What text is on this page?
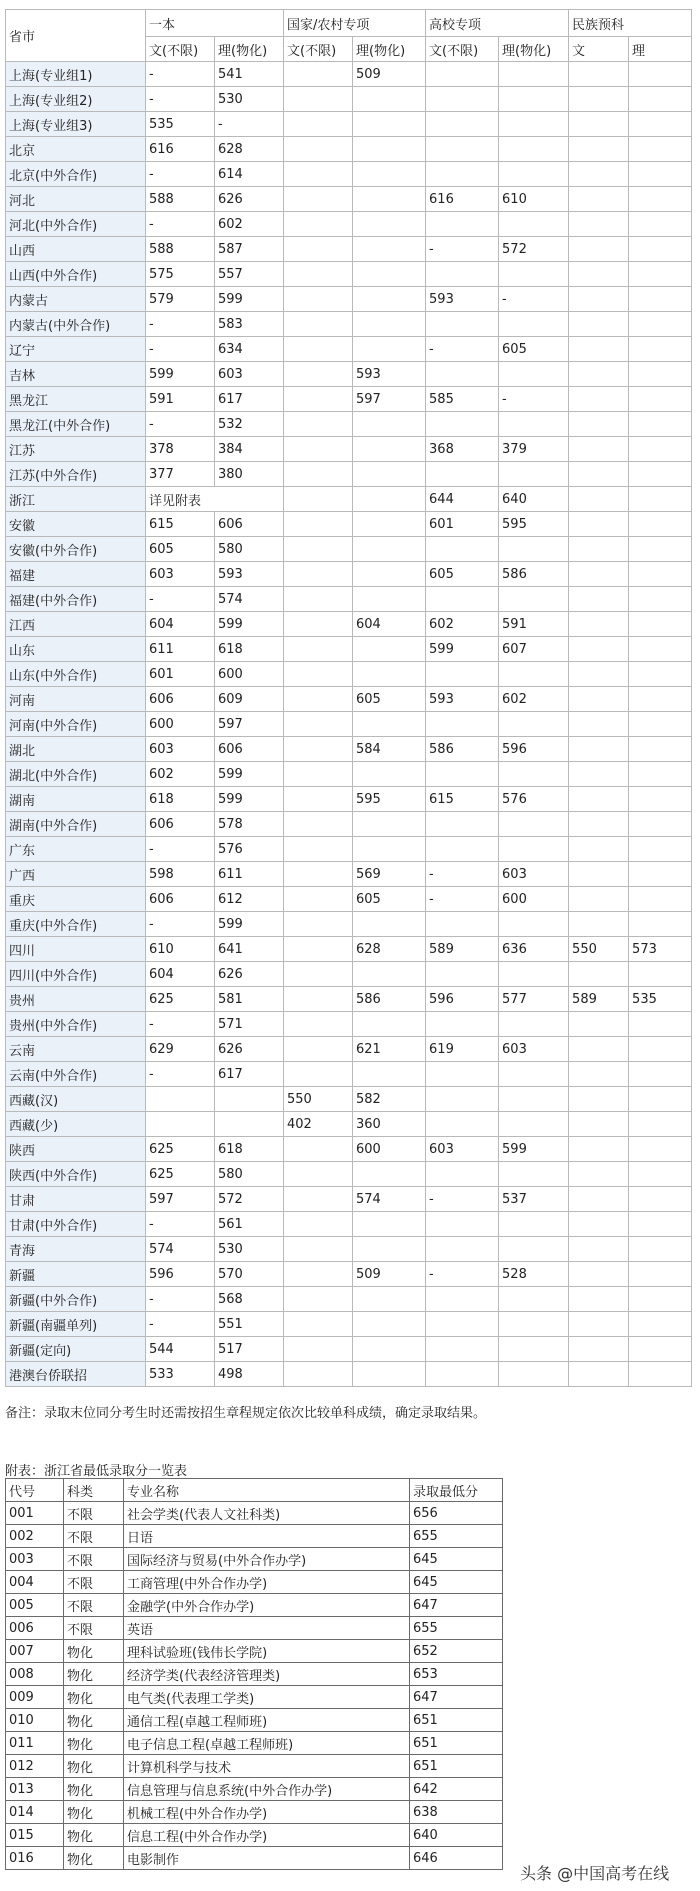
省市	一本		国家/农村专项		高校专项		民族预科	
	文(不限)	理(物化)	文(不限)	理(物化)	文(不限)	理(物化)	文	理
上海(专业组1)	-	541		509				
上海(专业组2)	-	530						
上海(专业组3)	535	-						
北京	616	628						
北京(中外合作)	-	614						
河北	588	626			616	610		
河北(中外合作)	-	602						
山西	588	587			-	572		
山西(中外合作)	575	557						
内蒙古	579	599			593	-		
内蒙古(中外合作)	-	583						
辽宁	-	634			-	605		
吉林	599	603		593				
黑龙江	591	617		597	585	-		
黑龙江(中外合作)	-	532						
江苏	378	384			368	379		
江苏(中外合作)	377	380						
浙江	详见附表				644	640		
安徽	615	606			601	595		
安徽(中外合作)	605	580						
福建	603	593			605	586		
福建(中外合作)	-	574						
江西	604	599		604	602	591		
山东	611	618			599	607		
山东(中外合作)	601	600						
河南	606	609		605	593	602		
河南(中外合作)	600	597						
湖北	603	606		584	586	596		
湖北(中外合作)	602	599						
湖南	618	599		595	615	576		
湖南(中外合作)	606	578						
广东	-	576						
广西	598	611		569	-	603		
重庆	606	612		605	-	600		
重庆(中外合作)	-	599						
四川	610	641		628	589	636	550	573
四川(中外合作)	604	626						
贵州	625	581		586	596	577	589	535
贵州(中外合作)	-	571						
云南	629	626		621	619	603		
云南(中外合作)	-	617						
西藏(汉)			550	582				
西藏(少)			402	360				
陕西	625	618		600	603	599		
陕西(中外合作)	625	580						
甘肃	597	572		574	-	537		
甘肃(中外合作)	-	561						
青海	574	530						
新疆	596	570		509	-	528		
新疆(中外合作)	-	568						
新疆(南疆单列)	-	551						
新疆(定向)	544	517						
港澳台侨联招	533	498						
备注：录取末位同分考生时还需按招生章程规定依次比较单科成绩，确定录取结果。
附表：浙江省最低录取分一览表
代号	科类	专业名称	录取最低分
001	不限	社会学类(代表人文社科类)	656
002	不限	日语	655
003	不限	国际经济与贸易(中外合作办学)	645
004	不限	工商管理(中外合作办学)	645
005	不限	金融学(中外合作办学)	647
006	不限	英语	655
007	物化	理科试验班(钱伟长学院)	652
008	物化	经济学类(代表经济管理类)	653
009	物化	电气类(代表理工学类)	647
010	物化	通信工程(卓越工程师班)	651
011	物化	电子信息工程(卓越工程师班)	651
012	物化	计算机科学与技术	651
013	物化	信息管理与信息系统(中外合作办学)	642
014	物化	机械工程(中外合作办学)	638
015	物化	信息工程(中外合作办学)	640
016	物化	电影制作	646
头条 @中国高考在线
